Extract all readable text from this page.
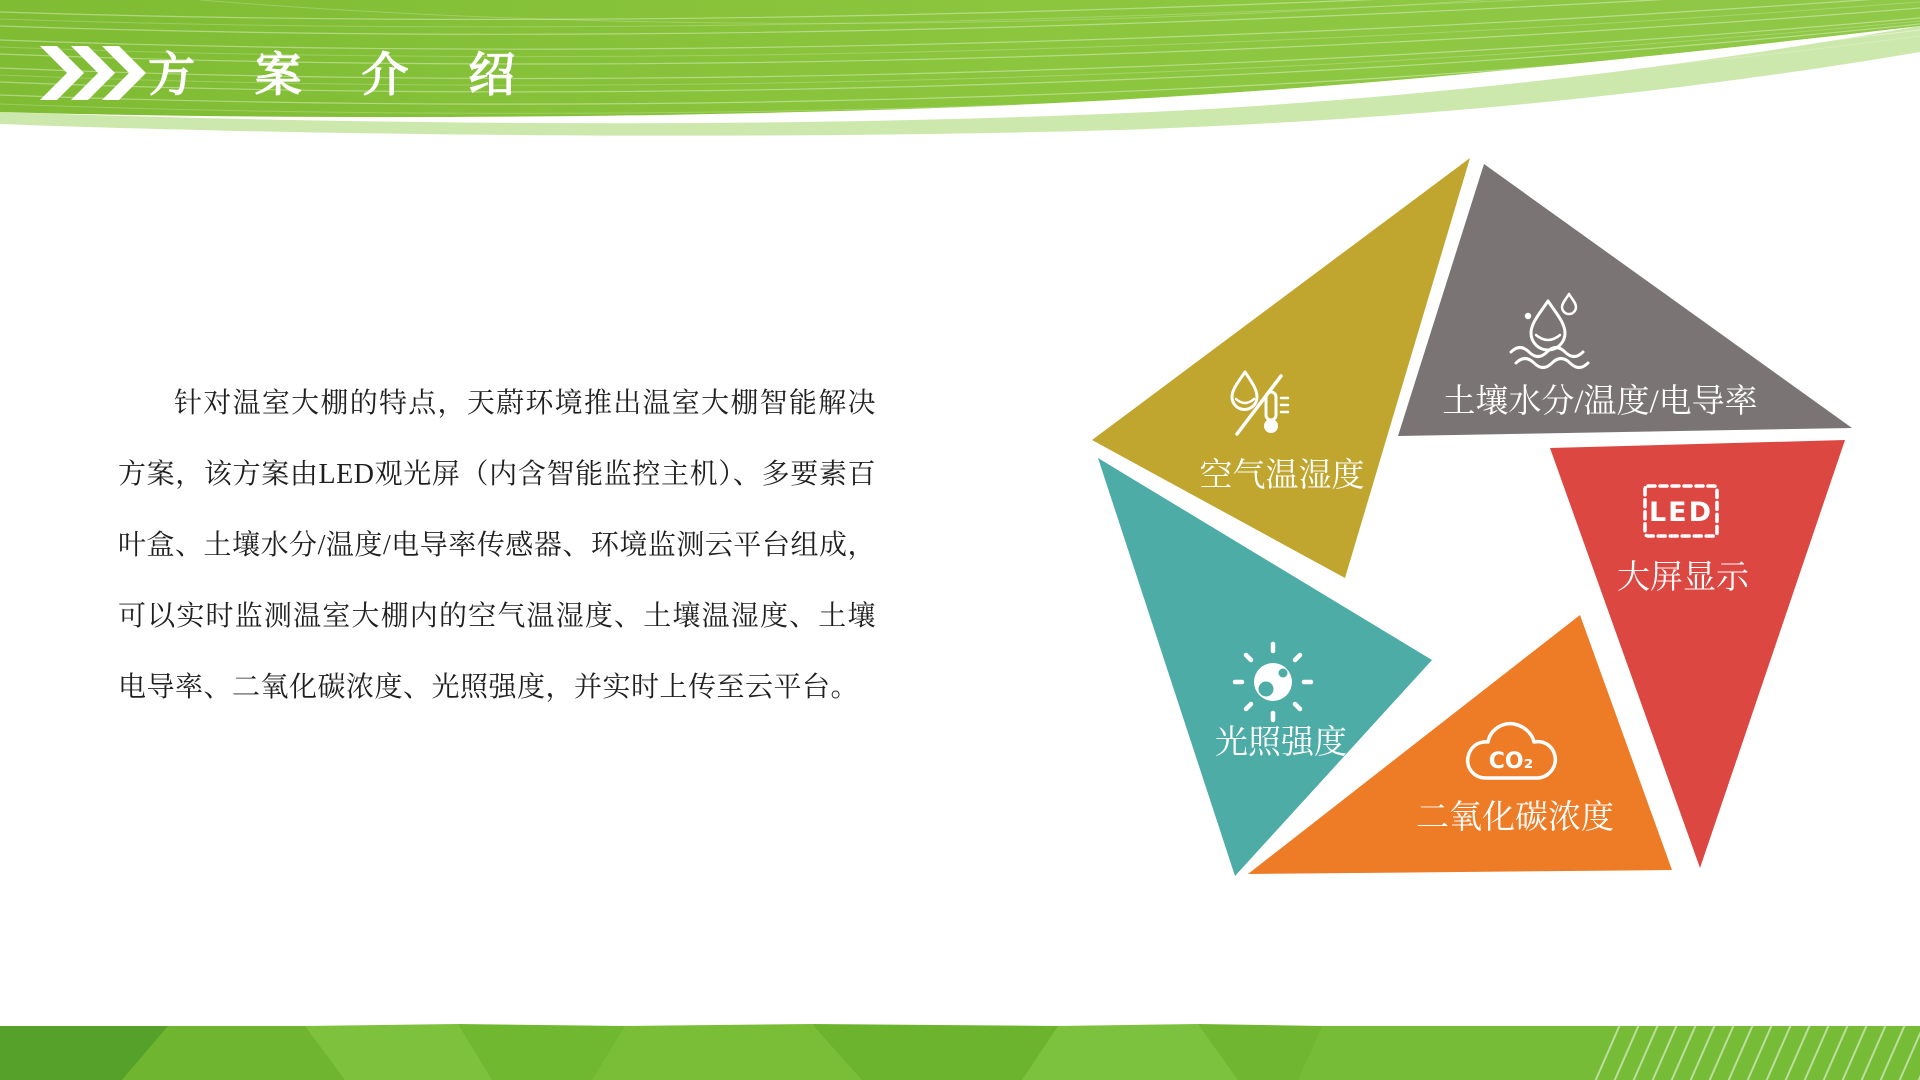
方 案 介 绍

针对温室大棚的特点，天蔚环境推出温室大棚智能解决方案，该方案由LED观光屏（内含智能监控主机）、多要素百叶盒、土壤水分/温度/电导率传感器、环境监测云平台组成，可以实时监测温室大棚内的空气温湿度、土壤温湿度、土壤电导率、二氧化碳浓度、光照强度，并实时上传至云平台。

空气温湿度
土壤水分/温度/电导率
LED
大屏显示
CO₂
二氧化碳浓度
光照强度
